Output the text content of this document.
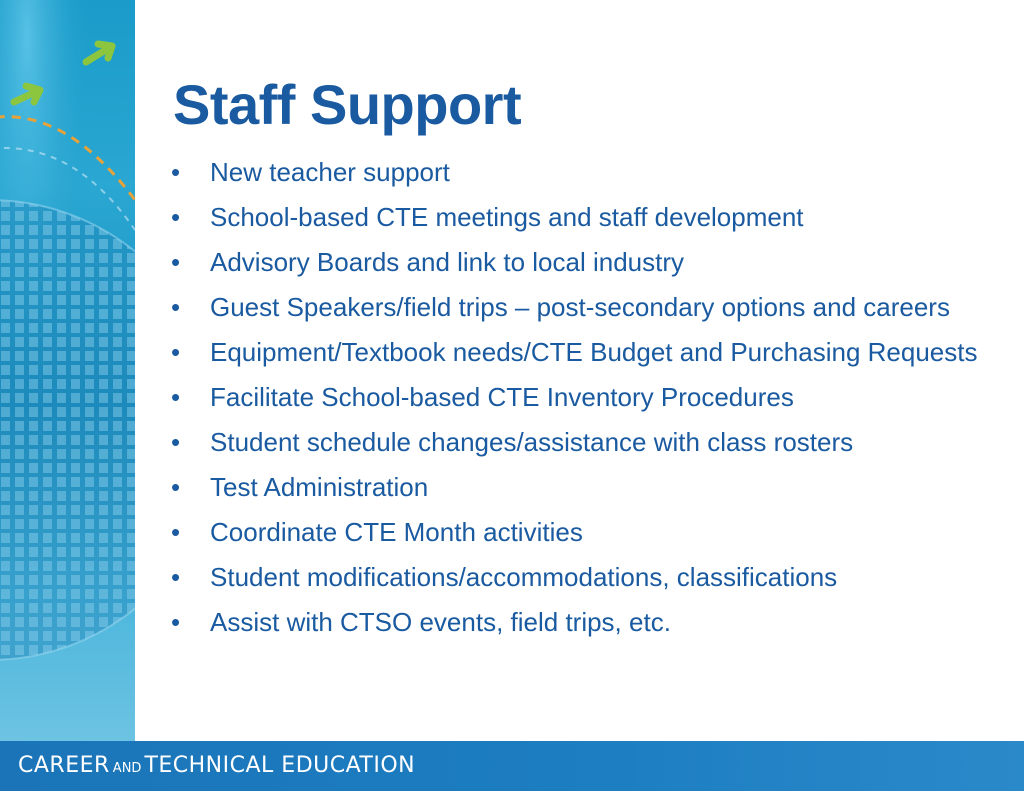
Staff Support
• New teacher support
• School-based CTE meetings and staff development
• Advisory Boards and link to local industry
• Guest Speakers/field trips – post-secondary options and careers
• Equipment/Textbook needs/CTE Budget and Purchasing Requests
• Facilitate School-based CTE Inventory Procedures
• Student schedule changes/assistance with class rosters
• Test Administration
• Coordinate CTE Month activities
• Student modifications/accommodations, classifications
• Assist with CTSO events, field trips, etc.
CAREER AND TECHNICAL EDUCATION
